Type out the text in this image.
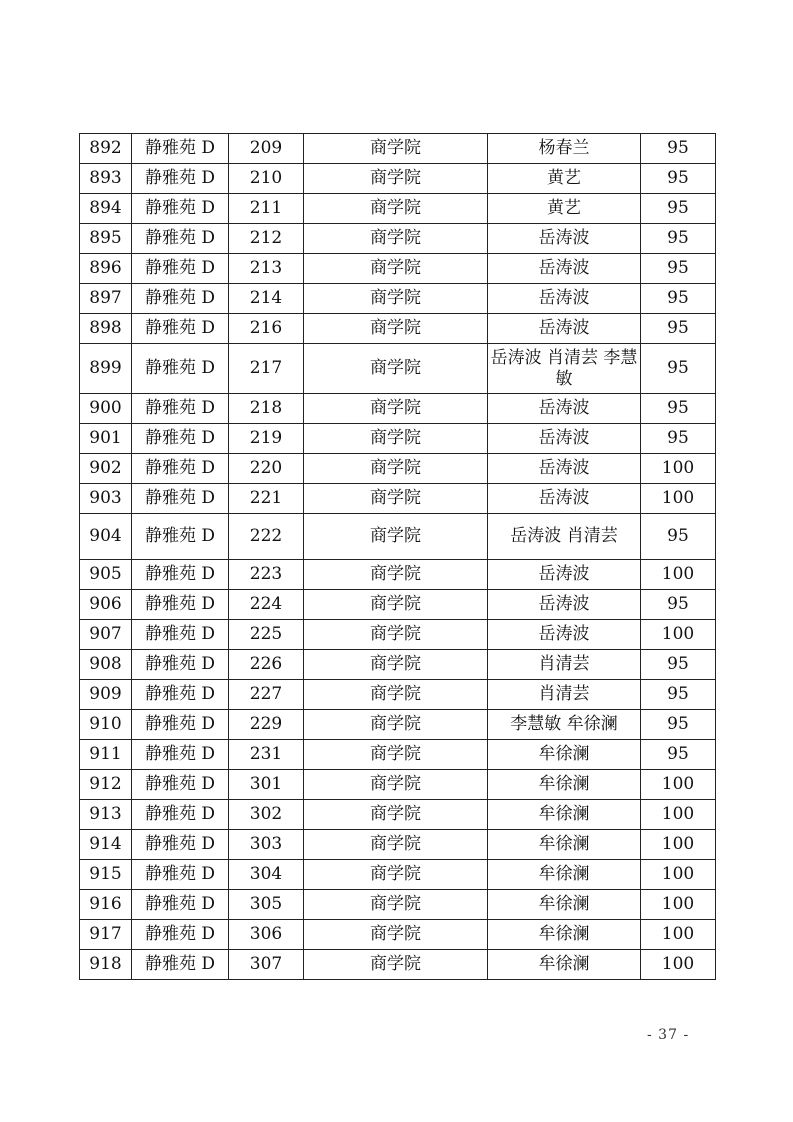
892	静雅苑 D	209	商学院	杨春兰	95
893	静雅苑 D	210	商学院	黄艺	95
894	静雅苑 D	211	商学院	黄艺	95
895	静雅苑 D	212	商学院	岳涛波	95
896	静雅苑 D	213	商学院	岳涛波	95
897	静雅苑 D	214	商学院	岳涛波	95
898	静雅苑 D	216	商学院	岳涛波	95
899	静雅苑 D	217	商学院	岳涛波 肖清芸 李慧敏	95
900	静雅苑 D	218	商学院	岳涛波	95
901	静雅苑 D	219	商学院	岳涛波	95
902	静雅苑 D	220	商学院	岳涛波	100
903	静雅苑 D	221	商学院	岳涛波	100
904	静雅苑 D	222	商学院	岳涛波 肖清芸	95
905	静雅苑 D	223	商学院	岳涛波	100
906	静雅苑 D	224	商学院	岳涛波	95
907	静雅苑 D	225	商学院	岳涛波	100
908	静雅苑 D	226	商学院	肖清芸	95
909	静雅苑 D	227	商学院	肖清芸	95
910	静雅苑 D	229	商学院	李慧敏 牟徐澜	95
911	静雅苑 D	231	商学院	牟徐澜	95
912	静雅苑 D	301	商学院	牟徐澜	100
913	静雅苑 D	302	商学院	牟徐澜	100
914	静雅苑 D	303	商学院	牟徐澜	100
915	静雅苑 D	304	商学院	牟徐澜	100
916	静雅苑 D	305	商学院	牟徐澜	100
917	静雅苑 D	306	商学院	牟徐澜	100
918	静雅苑 D	307	商学院	牟徐澜	100
- 37 -
